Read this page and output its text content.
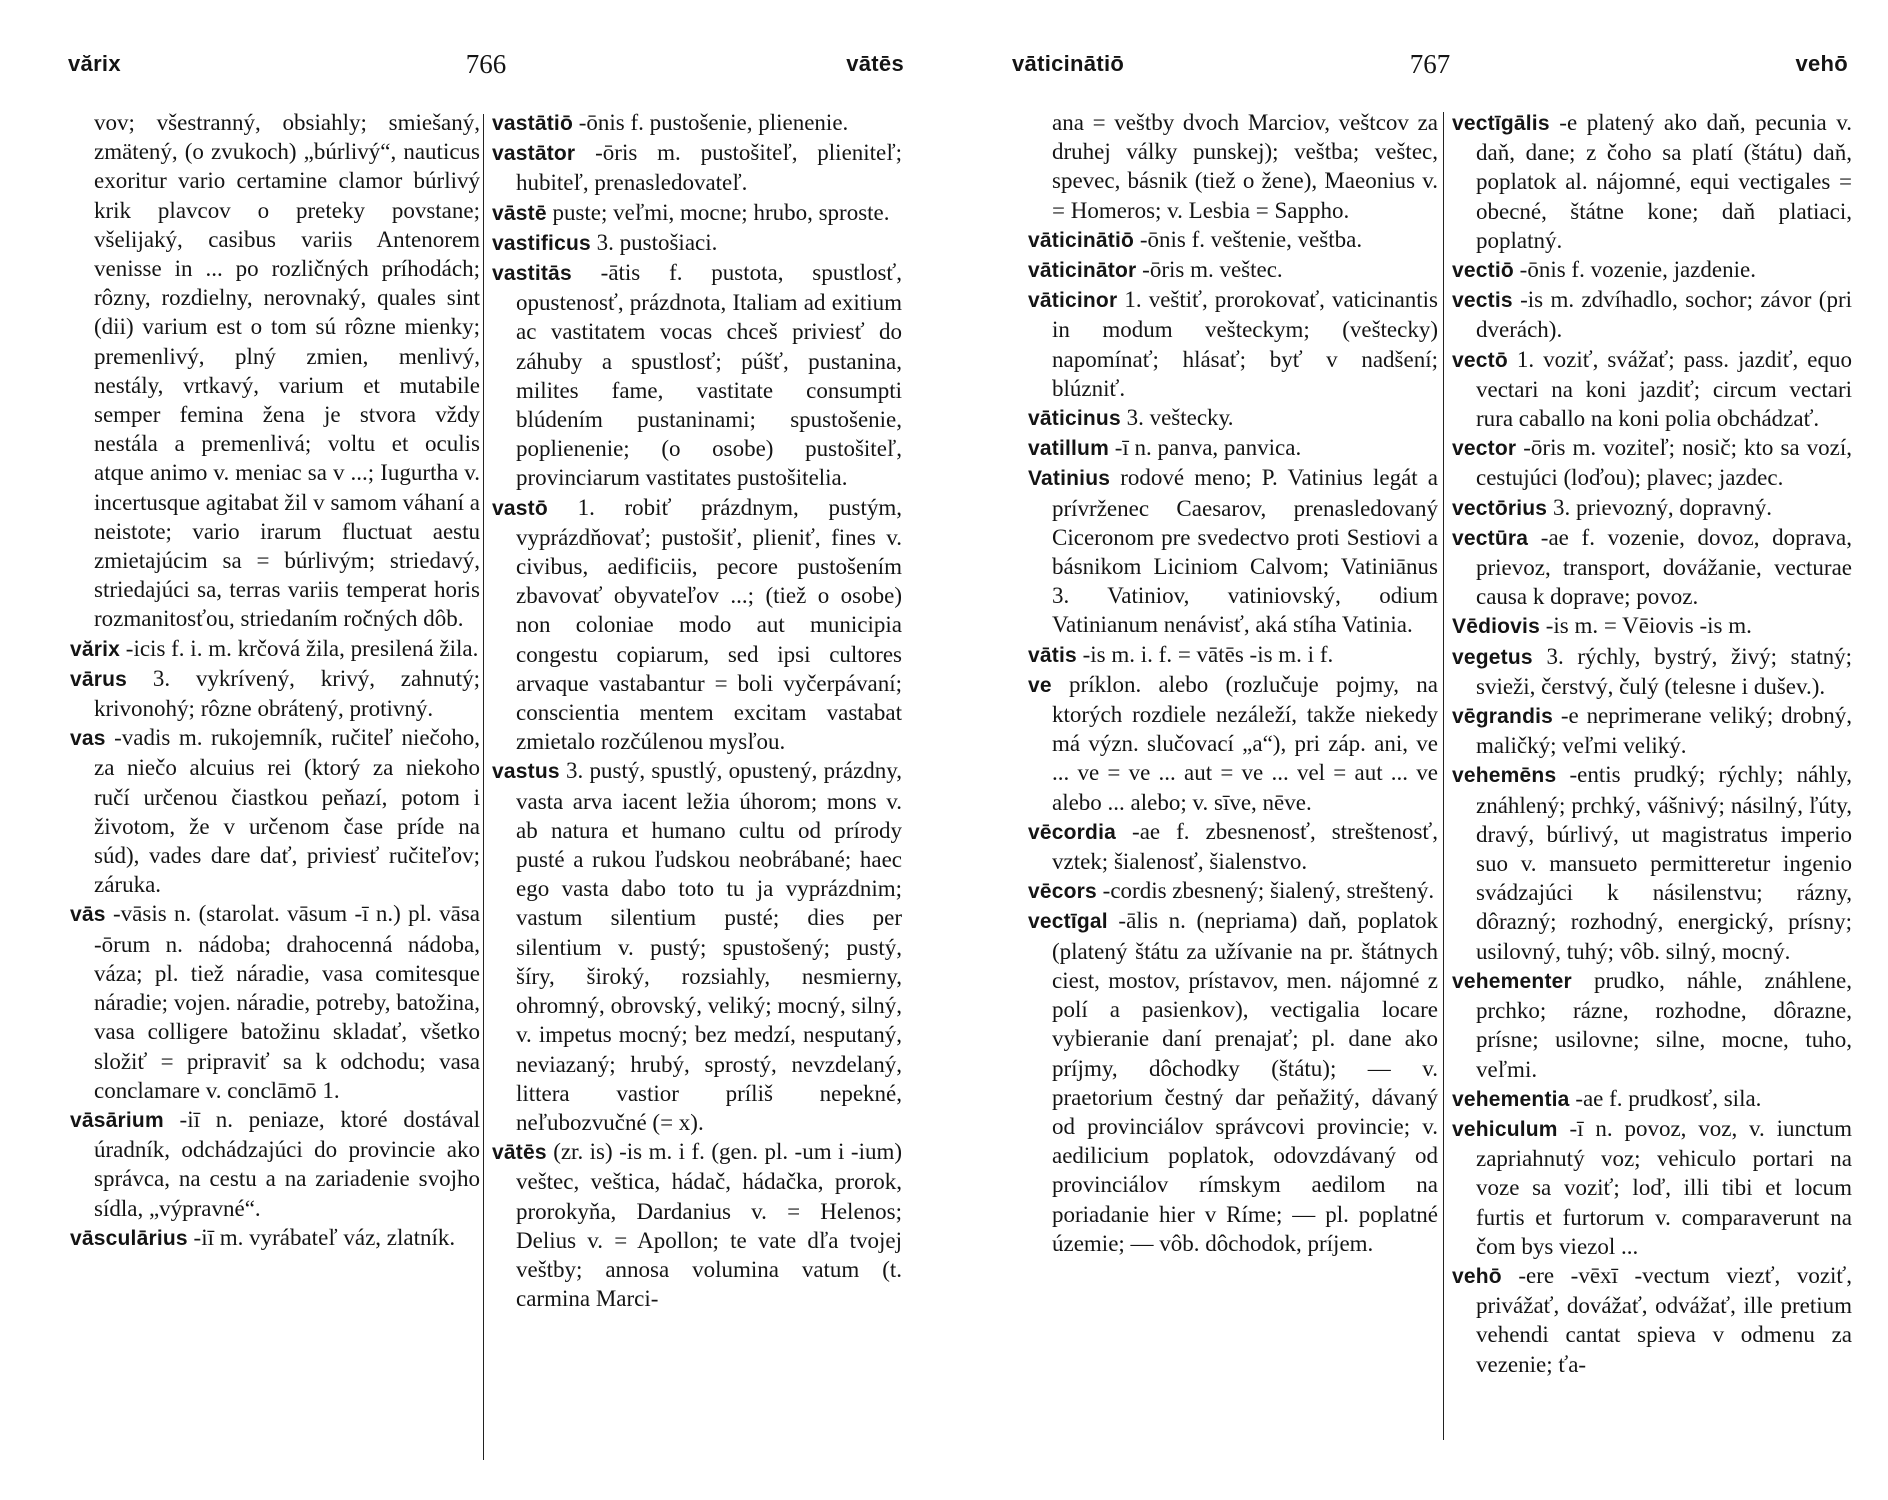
vărix	766	vātēs

vov; všestranný, obsiahly; smiešaný, zmätený, (o zvukoch) „búrlivý“, nauticus exoritur vario certamine clamor búrlivý krik plavcov o preteky povstane; všelijaký, casibus variis Antenorem venisse in ... po rozličných príhodách; rôzny, rozdielny, nerovnaký, quales sint (dii) varium est o tom sú rôzne mienky; premenlivý, plný zmien, menlivý, nestály, vrtkavý, varium et mutabile semper femina žena je stvora vždy nestála a premenlivá; voltu et oculis atque animo v. meniac sa v ...; Iugurtha v. incertusque agitabat žil v samom váhaní a neistote; vario irarum fluctuat aestu zmietajúcim sa = búrlivým; striedavý, striedajúci sa, terras variis temperat horis rozmanitosťou, striedaním ročných dôb.

vărix -icis f. i. m. krčová žila, presilená žila.

vārus 3. vykrívený, krivý, zahnutý; krivonohý; rôzne obrátený, protivný.

vas -vadis m. rukojemník, ručiteľ niečoho, za niečo alcuius rei (ktorý za niekoho ručí určenou čiastkou peňazí, potom i životom, že v určenom čase príde na súd), vades dare dať, priviesť ručiteľov; záruka.

vās -vāsis n. (starolat. vāsum -ī n.) pl. vāsa -ōrum n. nádoba; drahocenná nádoba, váza; pl. tiež náradie, vasa comitesque náradie; vojen. náradie, potreby, batožina, vasa colligere batožinu skladať, všetko složiť = pripraviť sa k odchodu; vasa conclamare v. conclāmō 1.

vāsārium -iī n. peniaze, ktoré dostával úradník, odchádzajúci do provincie ako správca, na cestu a na zariadenie svojho sídla, „výpravné“.

vāsculārius -iī m. vyrábateľ váz, zlatník.

vastātiō -ōnis f. pustošenie, plienenie.

vastātor -ōris m. pustošiteľ, plieniteľ; hubiteľ, prenasledovateľ.

vāstē puste; veľmi, mocne; hrubo, sproste.

vastificus 3. pustošiaci.

vastitās -ātis f. pustota, spustlosť, opustenosť, prázdnota, Italiam ad exitium ac vastitatem vocas chceš priviesť do záhuby a spustlosť; púšť, pustanina, milites fame, vastitate consumpti blúdením pustaninami; spustošenie, poplienenie; (o osobe) pustošiteľ, provinciarum vastitates pustošitelia.

vastō 1. robiť prázdnym, pustým, vyprázdňovať; pustošiť, plieniť, fines v. civibus, aedificiis, pecore pustošením zbavovať obyvateľov ...; (tiež o osobe) non coloniae modo aut municipia congestu copiarum, sed ipsi cultores arvaque vastabantur = boli vyčerpávaní; conscientia mentem excitam vastabat zmietalo rozčúlenou mysľou.

vastus 3. pustý, spustlý, opustený, prázdny, vasta arva iacent ležia úhorom; mons v. ab natura et humano cultu od prírody pusté a rukou ľudskou neobrábané; haec ego vasta dabo toto tu ja vyprázdnim; vastum silentium pusté; dies per silentium v. pustý; spustošený; pustý, šíry, široký, rozsiahly, nesmierny, ohromný, obrovský, veliký; mocný, silný, v. impetus mocný; bez medzí, nesputaný, neviazaný; hrubý, sprostý, nevzdelaný, littera vastior príliš nepekné, neľubozvučné (= x).

vātēs (zr. is) -is m. i f. (gen. pl. -um i -ium) veštec, veštica, hádač, hádačka, prorok, prorokyňa, Dardanius v. = Helenos; Delius v. = Apollon; te vate dľa tvojej veštby; annosa volumina vatum (t. carmina Marci-

vāticinātiō	767	vehō

ana = veštby dvoch Marciov, veštcov za druhej války punskej); veštba; veštec, spevec, básnik (tiež o žene), Maeonius v. = Homeros; v. Lesbia = Sappho.

vāticinātiō -ōnis f. veštenie, veštba.

vāticinātor -ōris m. veštec.

vāticinor 1. veštiť, prorokovať, vaticinantis in modum vešteckym; (vešteckу) napomínať; hlásať; byť v nadšení; blúzniť.

vāticinus 3. vešteckу.

vatillum -ī n. panva, panvica.

Vatinius rodové meno; P. Vatinius legát a prívrženec Caesarov, prenasledovaný Ciceronom pre svedectvo proti Sestiovi a básnikom Liciniom Calvom; Vatiniānus 3. Vatiniov, vatiniovský, odium Vatinianum nenávisť, aká stíha Vatinia.

vātis -is m. i. f. = vātēs -is m. i f.

ve príklon. alebo (rozlučuje pojmy, na ktorých rozdiele nezáleží, takže niekedy má význ. slučovací „a“), pri záp. ani, ve ... ve = ve ... aut = ve ... vel = aut ... ve alebo ... alebo; v. sīve, nēve.

vēcordia -ae f. zbesnenosť, streštenosť, vztek; šialenosť, šialenstvo.

vēcors -cordis zbesnený; šialený, streštený.

vectīgal -ālis n. (nepriama) daň, poplatok (platený štátu za užívanie na pr. štátnych ciest, mostov, prístavov, men. nájomné z polí a pasienkov), vectigalia locare vybieranie daní prenajať; pl. dane ako príjmy, dôchodky (štátu); — v. praetorium čestný dar peňažitý, dávaný od provinciálov správcovi provincie; v. aedilicium poplatok, odovzdávaný od provinciálov rímskym aedilom na poriadanie hier v Ríme; — pl. poplatné územie; — vôb. dôchodok, príjem.

vectīgālis -e platený ako daň, pecunia v. daň, dane; z čoho sa platí (štátu) daň, poplatok al. nájomné, equi vectigales = obecné, štátne kone; daň platiaci, poplatný.

vectiō -ōnis f. vozenie, jazdenie.

vectis -is m. zdvíhadlo, sochor; závor (pri dverách).

vectō 1. voziť, svážať; pass. jazdiť, equo vectari na koni jazdiť; circum vectari rura caballo na koni polia obchádzať.

vector -ōris m. voziteľ; nosič; kto sa vozí, cestujúci (loďou); plavec; jazdec.

vectōrius 3. prievozný, dopravný.

vectūra -ae f. vozenie, dovoz, doprava, prievoz, transport, dovážanie, vecturae causa k doprave; povoz.

Vēdiovis -is m. = Vēiovis -is m.

vegetus 3. rýchly, bystrý, živý; statný; svieži, čerstvý, čulý (telesne i dušev.).

vēgrandis -e neprimerane veliký; drobný, maličký; veľmi veliký.

vehemēns -entis prudký; rýchly; náhly, znáhlený; prchký, vášnivý; násilný, ľúty, dravý, búrlivý, ut magistratus imperio suo v. mansueto permitteretur ingenio svádzajúci k násilenstvu; rázny, dôrazný; rozhodný, energický, prísny; usilovný, tuhý; vôb. silný, mocný.

vehementer prudko, náhle, znáhlene, prchko; rázne, rozhodne, dôrazne, prísne; usilovne; silne, mocne, tuho, veľmi.

vehementia -ae f. prudkosť, sila.

vehiculum -ī n. povoz, voz, v. iunctum zapriahnutý voz; vehiculo portari na voze sa voziť; loď, illi tibi et locum furtis et furtorum v. comparaverunt na čom bys viezol ...

vehō -ere -vēxī -vectum viezť, voziť, privážať, dovážať, odvážať, ille pretium vehendi cantat spieva v odmenu za vezenie; ťa-
